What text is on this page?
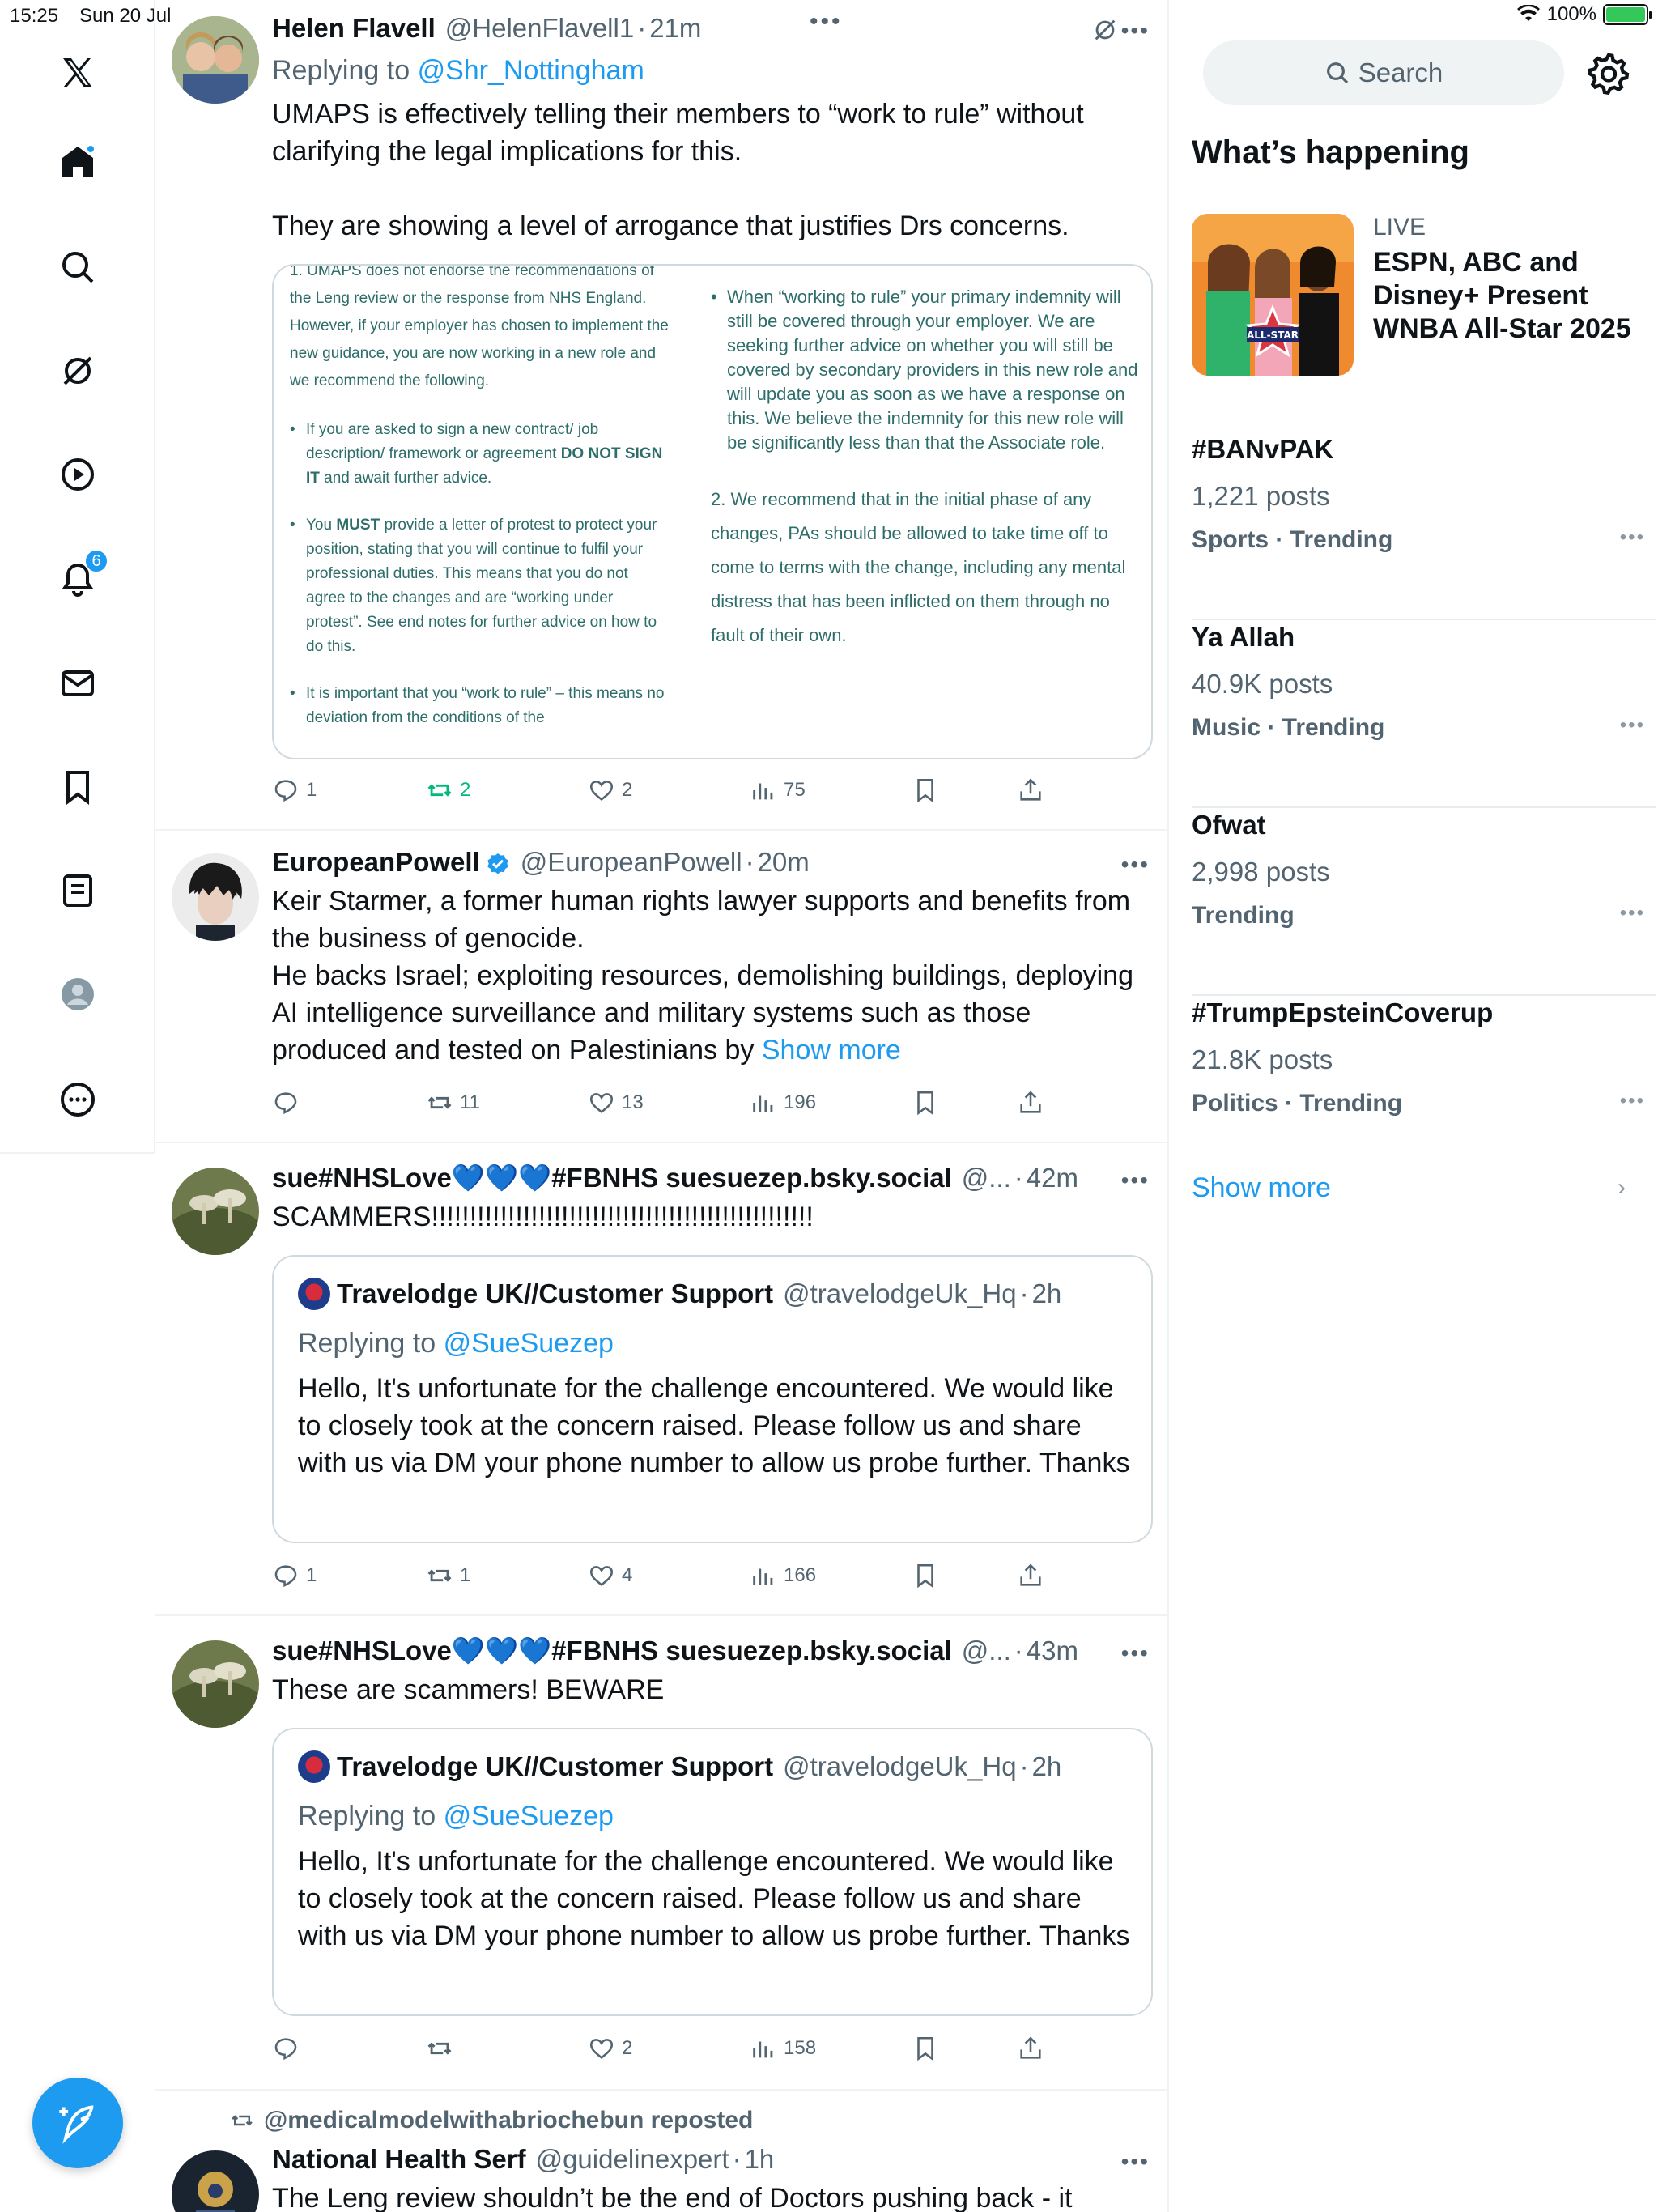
15:25 Sun 20 Jul	100%
6
•••
Helen Flavell @HelenFlavell1 · 21m	•••
Replying to @Shr_Nottingham
UMAPS is effectively telling their members to “work to rule” without clarifying the legal implications for this.
They are showing a level of arrogance that justifies Drs concerns.
1. UMAPS does not endorse the recommendations of the Leng review or the response from NHS England. However, if your employer has chosen to implement the new guidance, you are now working in a new role and we recommend the following.
• If you are asked to sign a new contract/ job description/ framework or agreement DO NOT SIGN IT and await further advice.
• You MUST provide a letter of protest to protect your position, stating that you will continue to fulfil your professional duties. This means that you do not agree to the changes and are “working under protest”. See end notes for further advice on how to do this.
• It is important that you “work to rule” – this means no deviation from the conditions of the
• When “working to rule” your primary indemnity will still be covered through your employer. We are seeking further advice on whether you will still be covered by secondary providers in this new role and will update you as soon as we have a response on this. We believe the indemnity for this new role will be significantly less than that the Associate role.
2. We recommend that in the initial phase of any changes, PAs should be allowed to take time off to come to terms with the change, including any mental distress that has been inflicted on them through no fault of their own.
1	2	2	75
EuropeanPowell @EuropeanPowell · 20m	•••
Keir Starmer, a former human rights lawyer supports and benefits from the business of genocide.
He backs Israel; exploiting resources, demolishing buildings, deploying AI intelligence surveillance and military systems such as those produced and tested on Palestinians by Show more
11	13	196
sue#NHSLove💙💙💙#FBNHS suesuezep.bsky.social @... · 42m •••
SCAMMERS!!!!!!!!!!!!!!!!!!!!!!!!!!!!!!!!!!!!!!!!!!!!!!!!!!
Travelodge UK//Customer Support @travelodgeUk_Hq · 2h
Replying to @SueSuezep
Hello, It's unfortunate for the challenge encountered. We would like to closely took at the concern raised. Please follow us and share with us via DM your phone number to allow us probe further. Thanks
1	1	4	166
sue#NHSLove💙💙💙#FBNHS suesuezep.bsky.social @... · 43m •••
These are scammers! BEWARE
Travelodge UK//Customer Support @travelodgeUk_Hq · 2h
Replying to @SueSuezep
Hello, It's unfortunate for the challenge encountered. We would like to closely took at the concern raised. Please follow us and share with us via DM your phone number to allow us probe further. Thanks
2	158
@medicalmodelwithabriochebun reposted
National Health Serf @guidelinexpert · 1h	•••
The Leng review shouldn’t be the end of Doctors pushing back - it
Search
What’s happening
ALL-STAR
LIVE
ESPN, ABC and Disney+ Present WNBA All-Star 2025
#BANvPAK
1,221 posts
Sports · Trending	•••
Ya Allah
40.9K posts
Music · Trending	•••
Ofwat
2,998 posts
Trending	•••
#TrumpEpsteinCoverup
21.8K posts
Politics · Trending	•••
Show more	›
